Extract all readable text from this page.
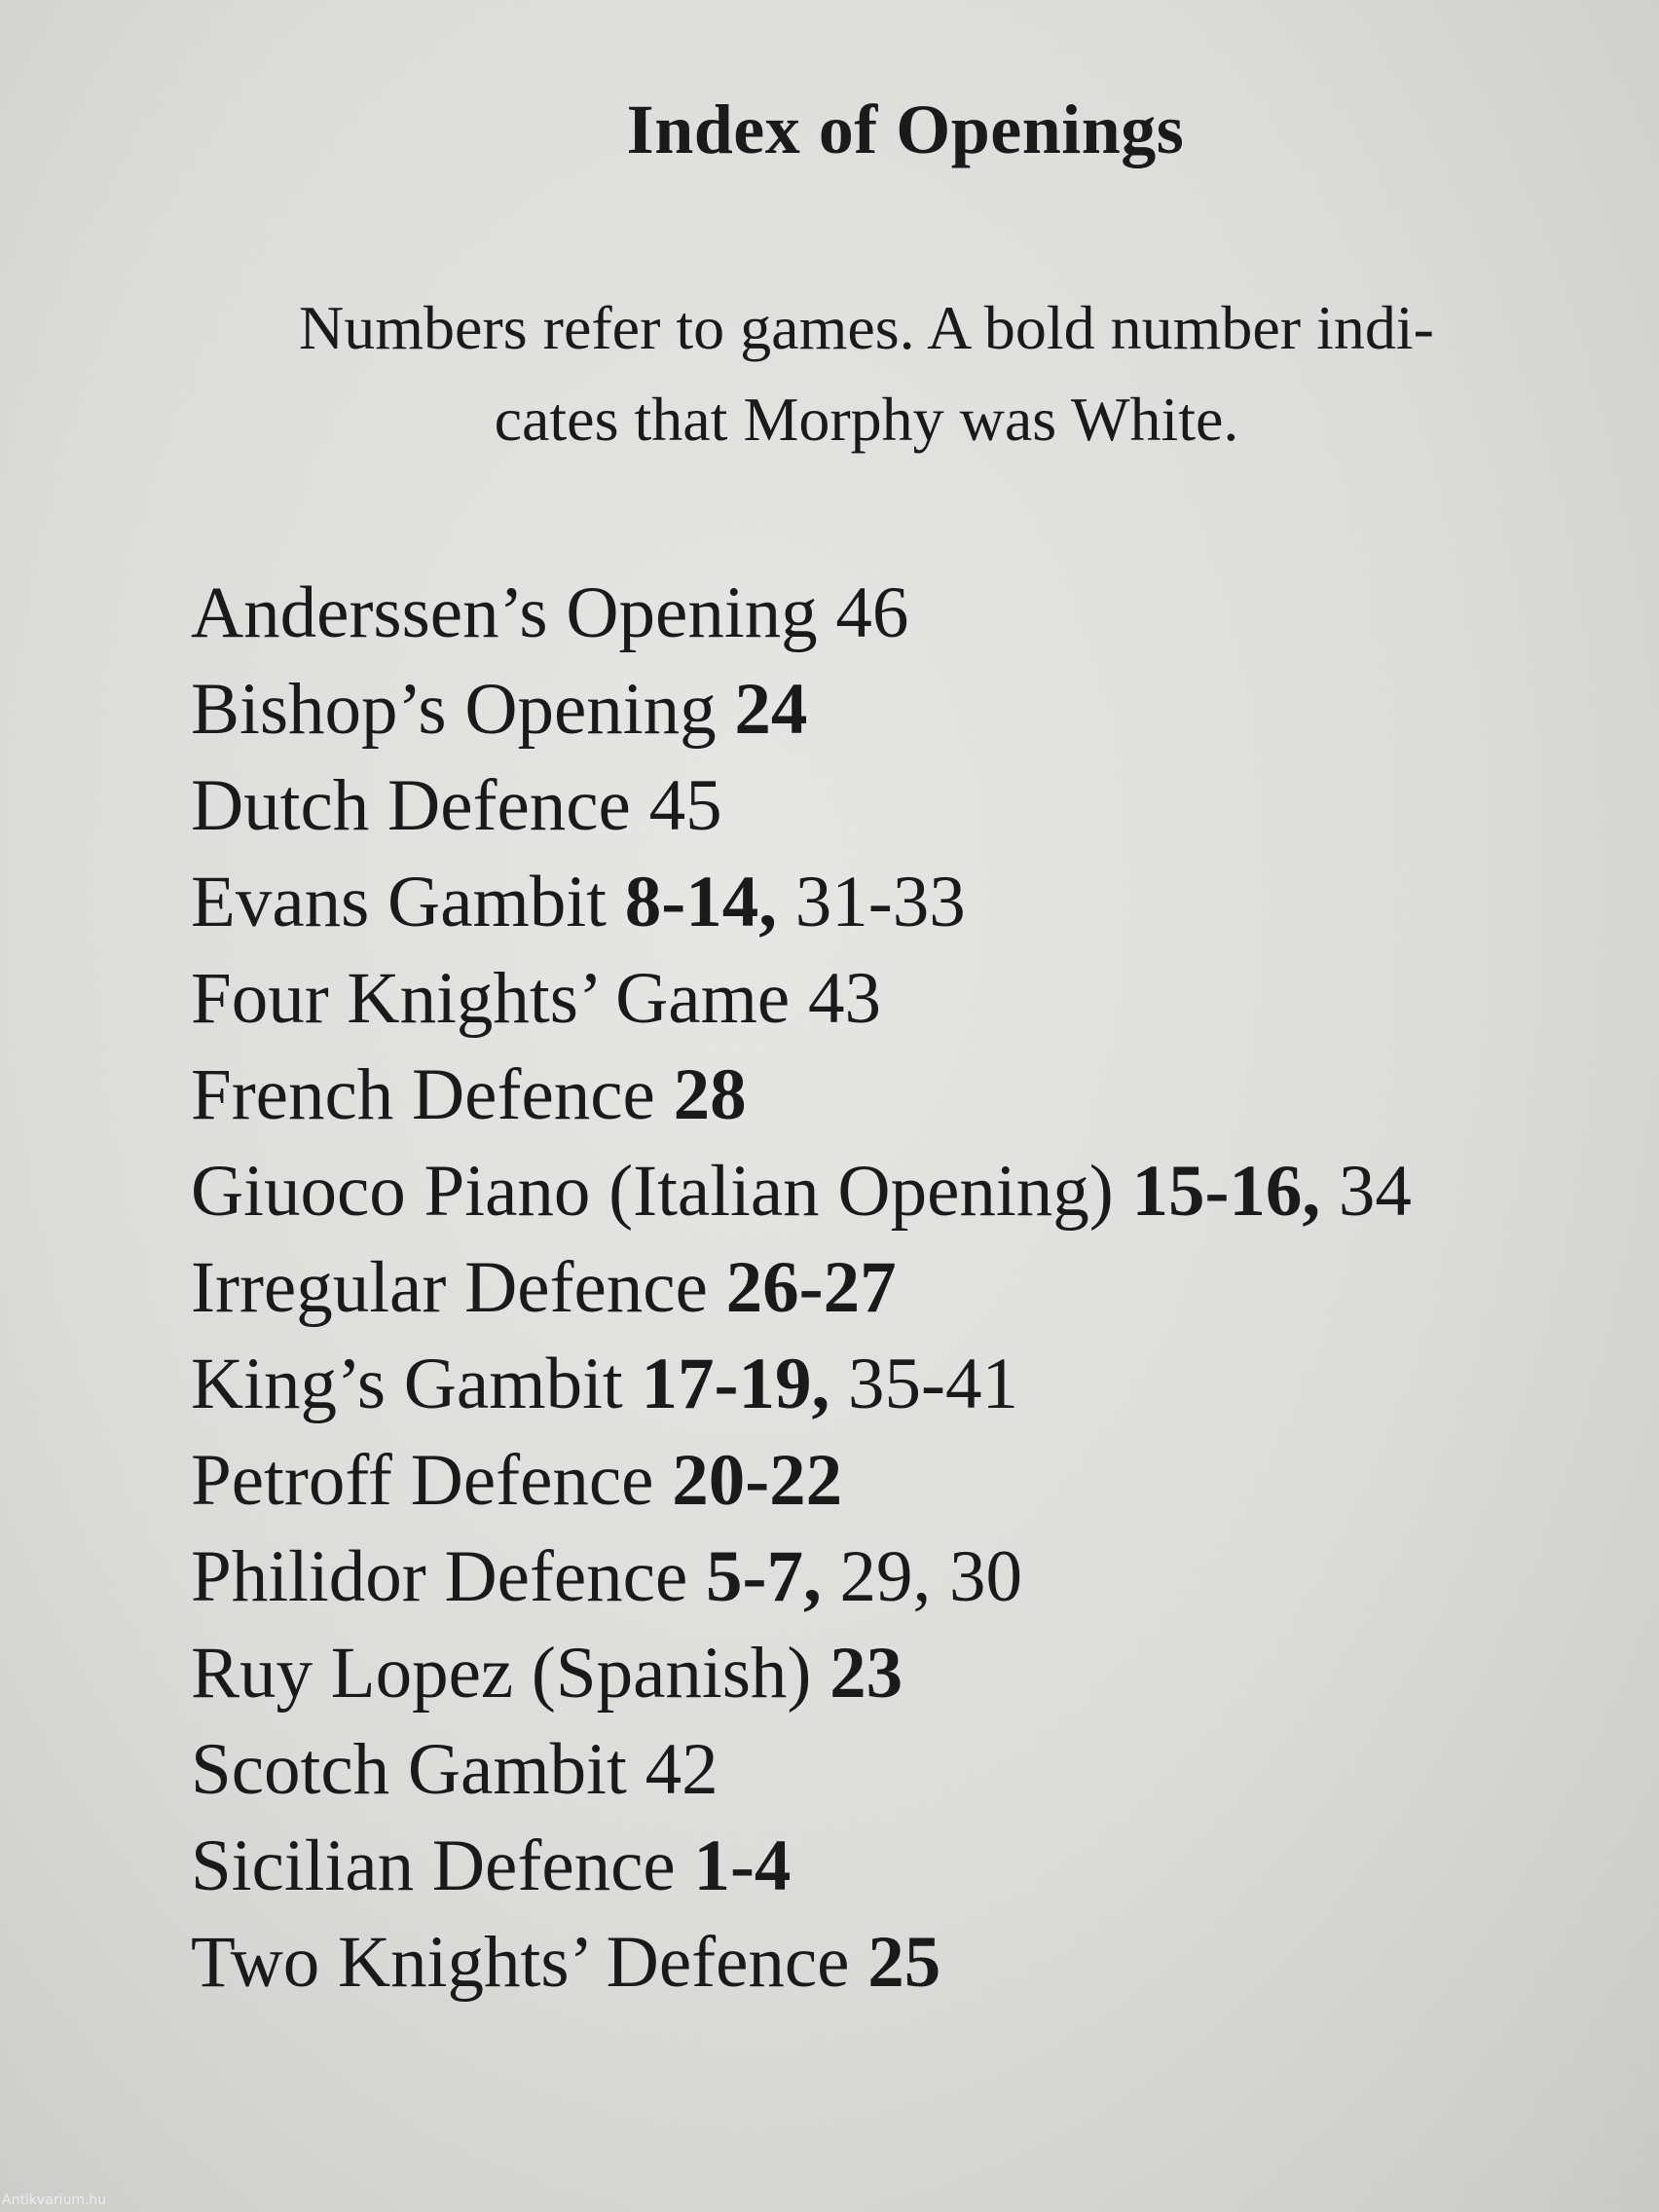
Index of Openings
Numbers refer to games. A bold number indi-
cates that Morphy was White.
Anderssen’s Opening 46
Bishop’s Opening 24
Dutch Defence 45
Evans Gambit 8-14, 31-33
Four Knights’ Game 43
French Defence 28
Giuoco Piano (Italian Opening) 15-16, 34
Irregular Defence 26-27
King’s Gambit 17-19, 35-41
Petroff Defence 20-22
Philidor Defence 5-7, 29, 30
Ruy Lopez (Spanish) 23
Scotch Gambit 42
Sicilian Defence 1-4
Two Knights’ Defence 25
Antikvarium.hu
